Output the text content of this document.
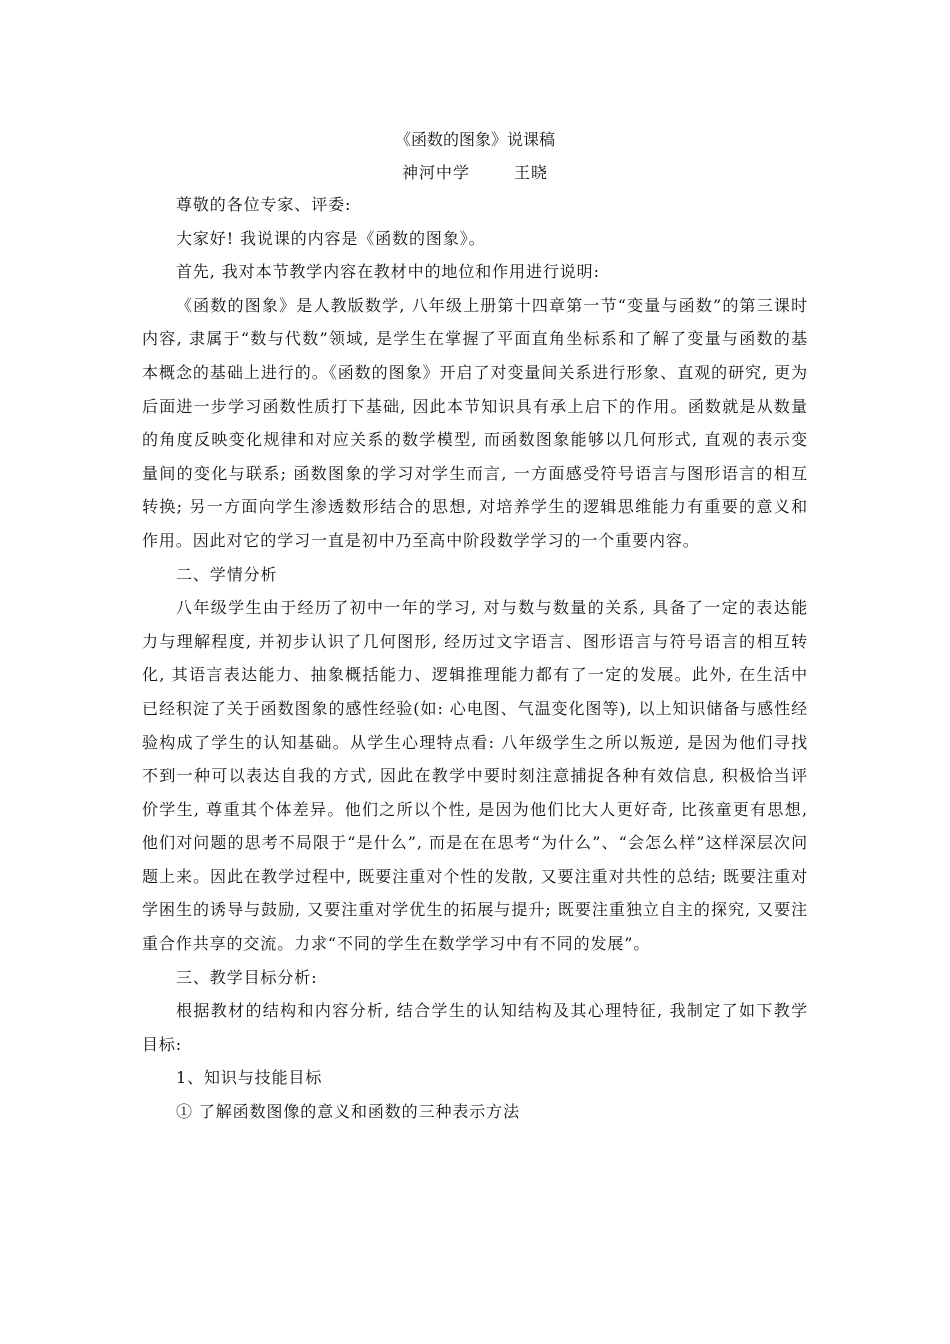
《函数的图象》说课稿
神河中学	王晓

尊敬的各位专家、评委:

大家好! 我说课的内容是《函数的图象》。

首先, 我对本节教学内容在教材中的地位和作用进行说明:

《函数的图象》是人教版数学, 八年级上册第十四章第一节“变量与函数”的第三课时内容, 隶属于“数与代数”领域, 是学生在掌握了平面直角坐标系和了解了变量与函数的基本概念的基础上进行的。《函数的图象》开启了对变量间关系进行形象、直观的研究, 更为后面进一步学习函数性质打下基础, 因此本节知识具有承上启下的作用。函数就是从数量的角度反映变化规律和对应关系的数学模型, 而函数图象能够以几何形式, 直观的表示变量间的变化与联系; 函数图象的学习对学生而言, 一方面感受符号语言与图形语言的相互转换; 另一方面向学生渗透数形结合的思想, 对培养学生的逻辑思维能力有重要的意义和作用。因此对它的学习一直是初中乃至高中阶段数学学习的一个重要内容。

二、学情分析

八年级学生由于经历了初中一年的学习, 对与数与数量的关系, 具备了一定的表达能力与理解程度, 并初步认识了几何图形, 经历过文字语言、图形语言与符号语言的相互转化, 其语言表达能力、抽象概括能力、逻辑推理能力都有了一定的发展。此外, 在生活中已经积淀了关于函数图象的感性经验(如: 心电图、气温变化图等), 以上知识储备与感性经验构成了学生的认知基础。从学生心理特点看: 八年级学生之所以叛逆, 是因为他们寻找不到一种可以表达自我的方式, 因此在教学中要时刻注意捕捉各种有效信息, 积极恰当评价学生, 尊重其个体差异。他们之所以个性, 是因为他们比大人更好奇, 比孩童更有思想, 他们对问题的思考不局限于“是什么”, 而是在在思考“为什么”、“会怎么样”这样深层次问题上来。因此在教学过程中, 既要注重对个性的发散, 又要注重对共性的总结; 既要注重对学困生的诱导与鼓励, 又要注重对学优生的拓展与提升; 既要注重独立自主的探究, 又要注重合作共享的交流。力求“不同的学生在数学学习中有不同的发展”。

三、教学目标分析:

根据教材的结构和内容分析, 结合学生的认知结构及其心理特征, 我制定了如下教学目标:

1、知识与技能目标

① 了解函数图像的意义和函数的三种表示方法
